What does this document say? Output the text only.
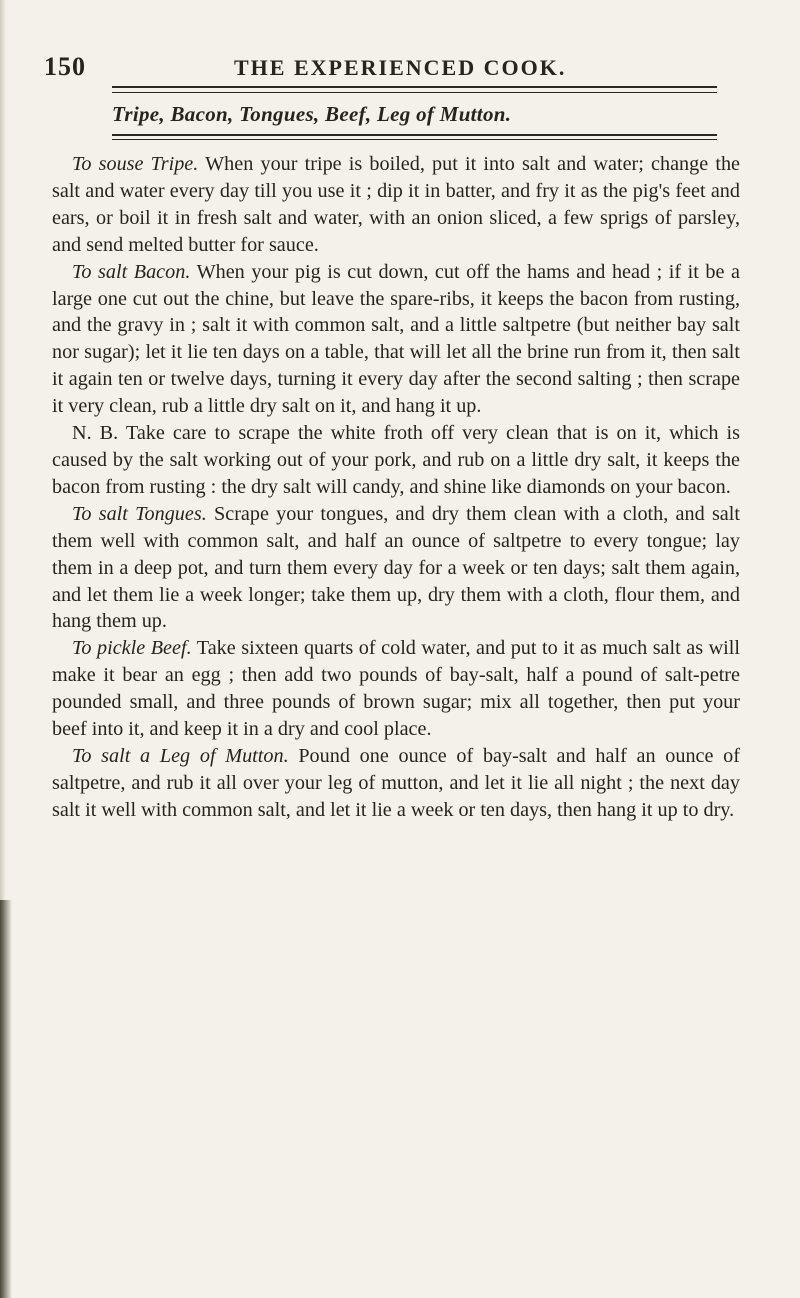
150	THE EXPERIENCED COOK.
Tripe, Bacon, Tongues, Beef, Leg of Mutton.

To souse Tripe. When your tripe is boiled, put it into salt and water; change the salt and water every day till you use it ; dip it in batter, and fry it as the pig's feet and ears, or boil it in fresh salt and water, with an onion sliced, a few sprigs of parsley, and send melted butter for sauce.

To salt Bacon. When your pig is cut down, cut off the hams and head ; if it be a large one cut out the chine, but leave the spare-ribs, it keeps the bacon from rusting, and the gravy in ; salt it with common salt, and a little saltpetre (but neither bay salt nor sugar); let it lie ten days on a table, that will let all the brine run from it, then salt it again ten or twelve days, turning it every day after the second salting ; then scrape it very clean, rub a little dry salt on it, and hang it up.

N. B. Take care to scrape the white froth off very clean that is on it, which is caused by the salt working out of your pork, and rub on a little dry salt, it keeps the bacon from rusting : the dry salt will candy, and shine like diamonds on your bacon.

To salt Tongues. Scrape your tongues, and dry them clean with a cloth, and salt them well with common salt, and half an ounce of saltpetre to every tongue; lay them in a deep pot, and turn them every day for a week or ten days; salt them again, and let them lie a week longer; take them up, dry them with a cloth, flour them, and hang them up.

To pickle Beef. Take sixteen quarts of cold water, and put to it as much salt as will make it bear an egg ; then add two pounds of bay-salt, half a pound of salt-petre pounded small, and three pounds of brown sugar; mix all together, then put your beef into it, and keep it in a dry and cool place.

To salt a Leg of Mutton. Pound one ounce of bay-salt and half an ounce of saltpetre, and rub it all over your leg of mutton, and let it lie all night ; the next day salt it well with common salt, and let it lie a week or ten days, then hang it up to dry.
